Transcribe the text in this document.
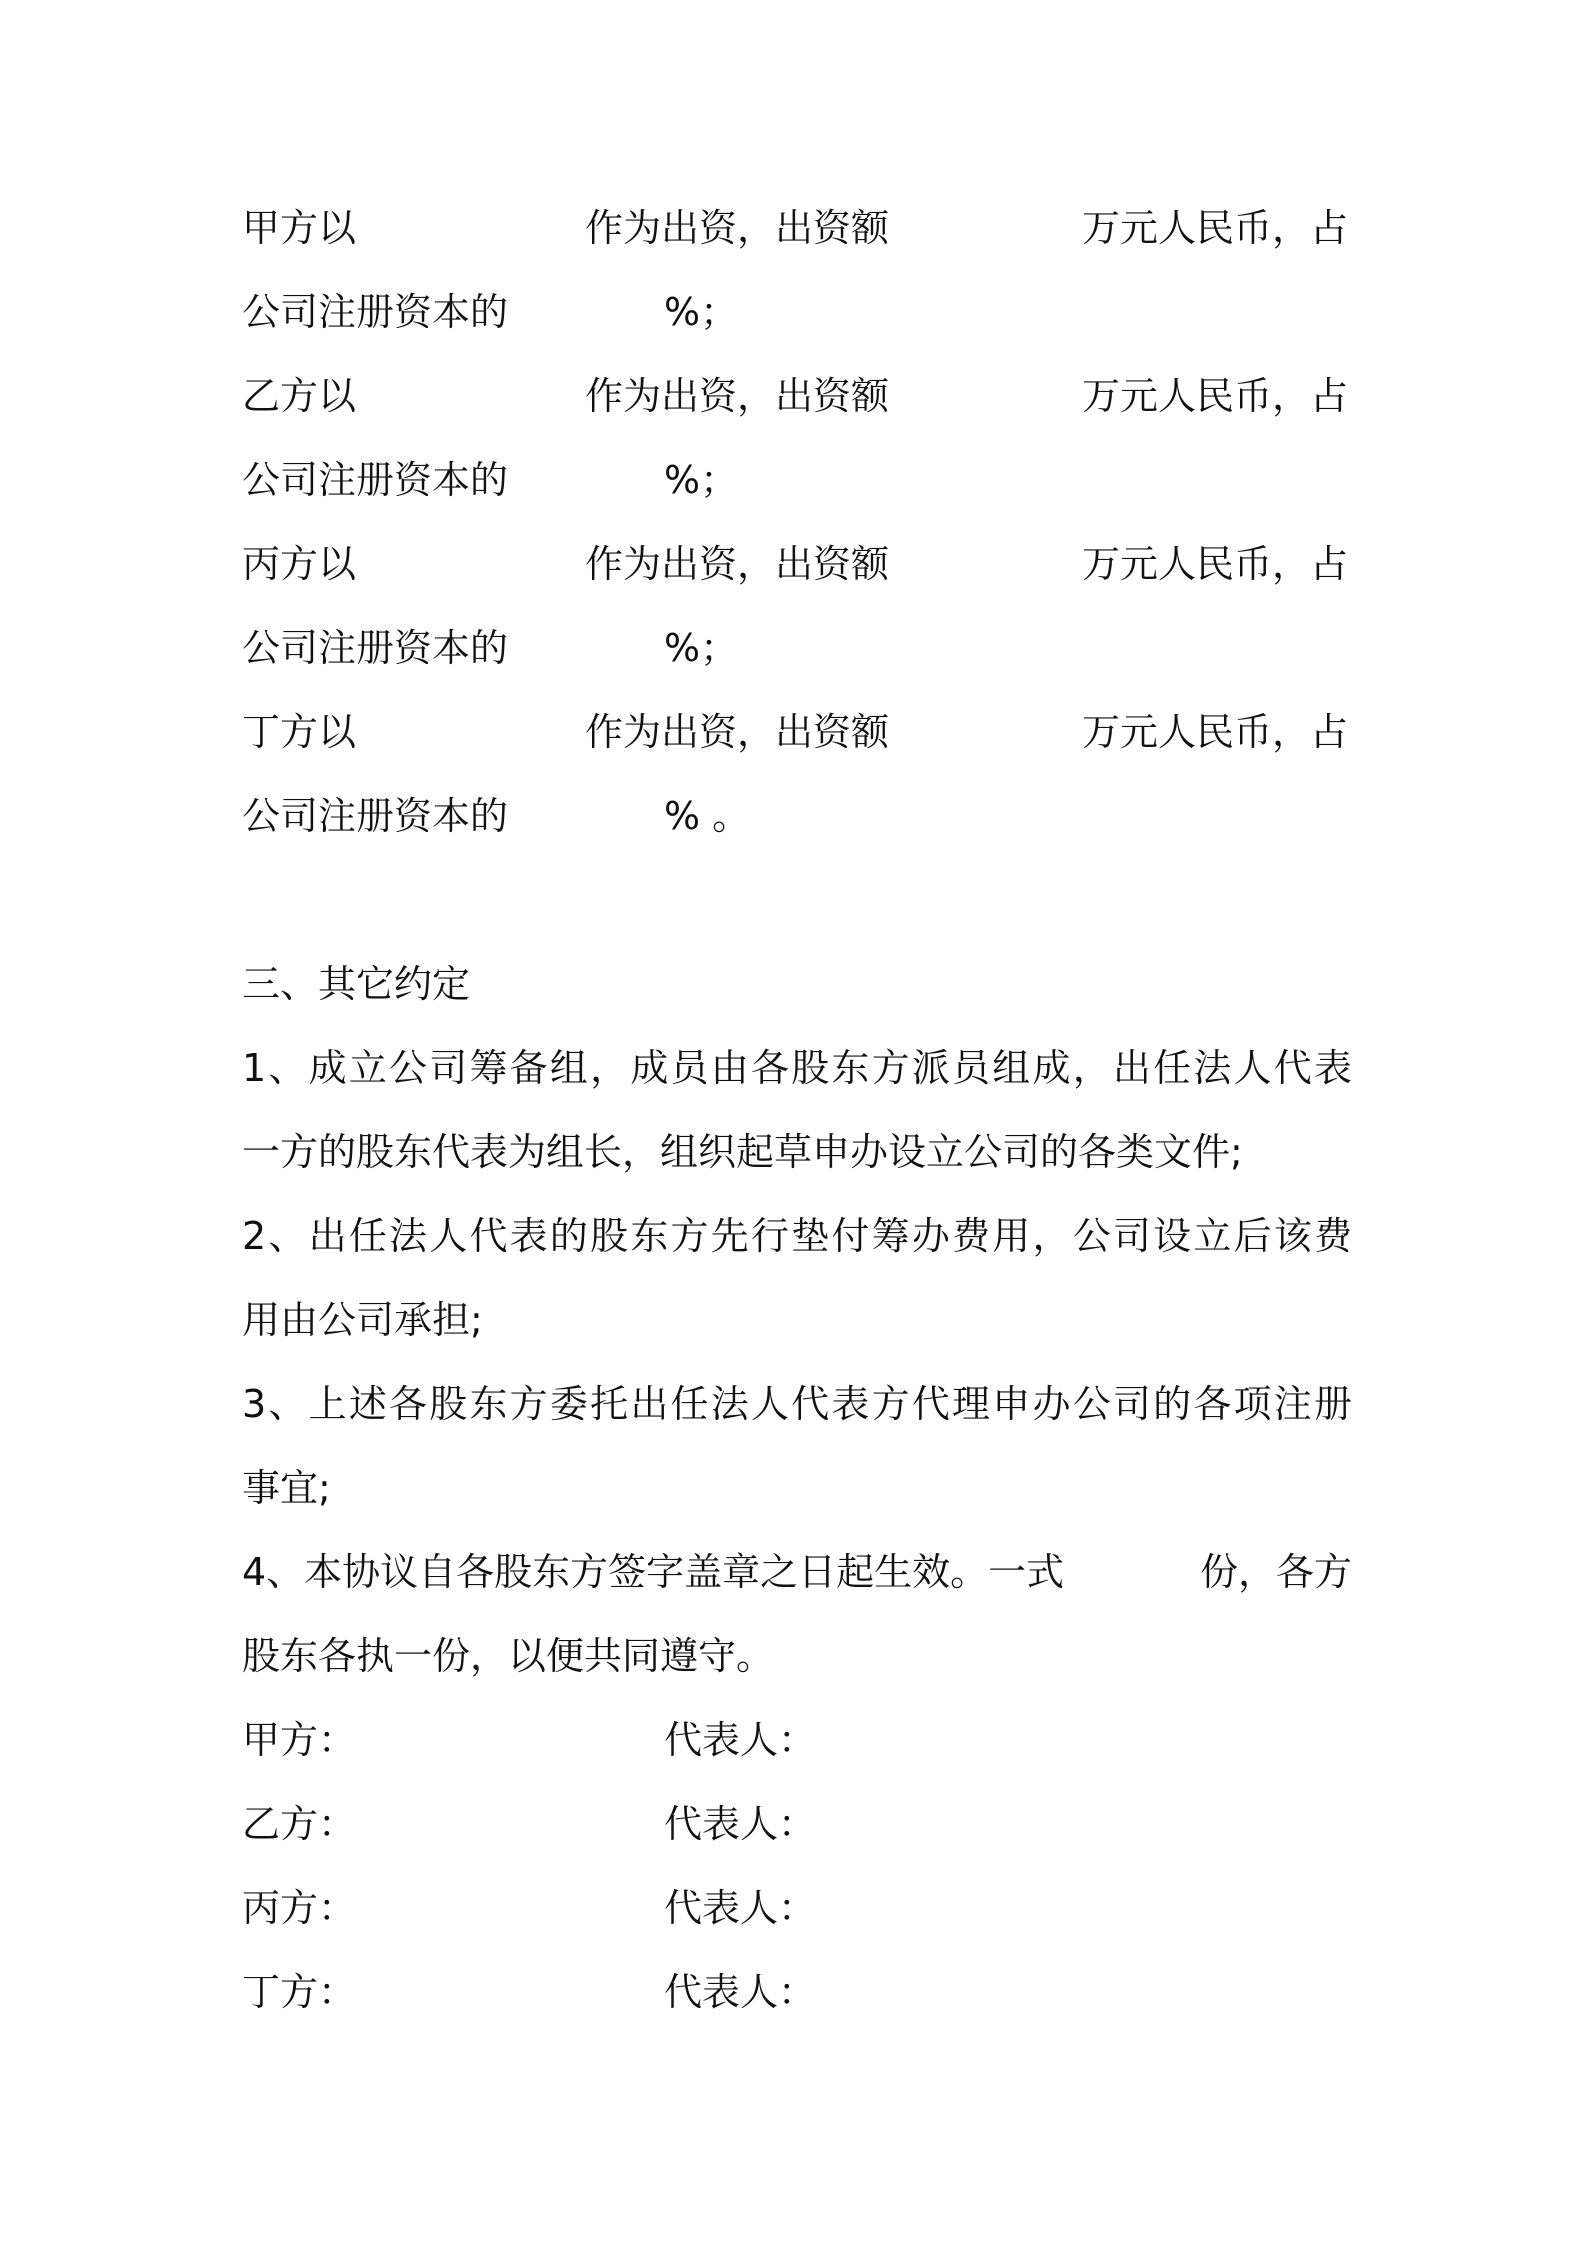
甲方以	作为出资，出资额	万元人民币，占
公司注册资本的	%；
乙方以	作为出资，出资额	万元人民币，占
公司注册资本的	%；
丙方以	作为出资，出资额	万元人民币，占
公司注册资本的	%；
丁方以	作为出资，出资额	万元人民币，占
公司注册资本的	% 。
三、其它约定
1、成立公司筹备组，成员由各股东方派员组成，出任法人代表
一方的股东代表为组长，组织起草申办设立公司的各类文件;
2、出任法人代表的股东方先行垫付筹办费用，公司设立后该费
用由公司承担;
3、上述各股东方委托出任法人代表方代理申办公司的各项注册
事宜;
4、本协议自各股东方签字盖章之日起生效。一式	份，各方
股东各执一份，以便共同遵守。
甲方：	代表人：
乙方：	代表人：
丙方：	代表人：
丁方：	代表人：
